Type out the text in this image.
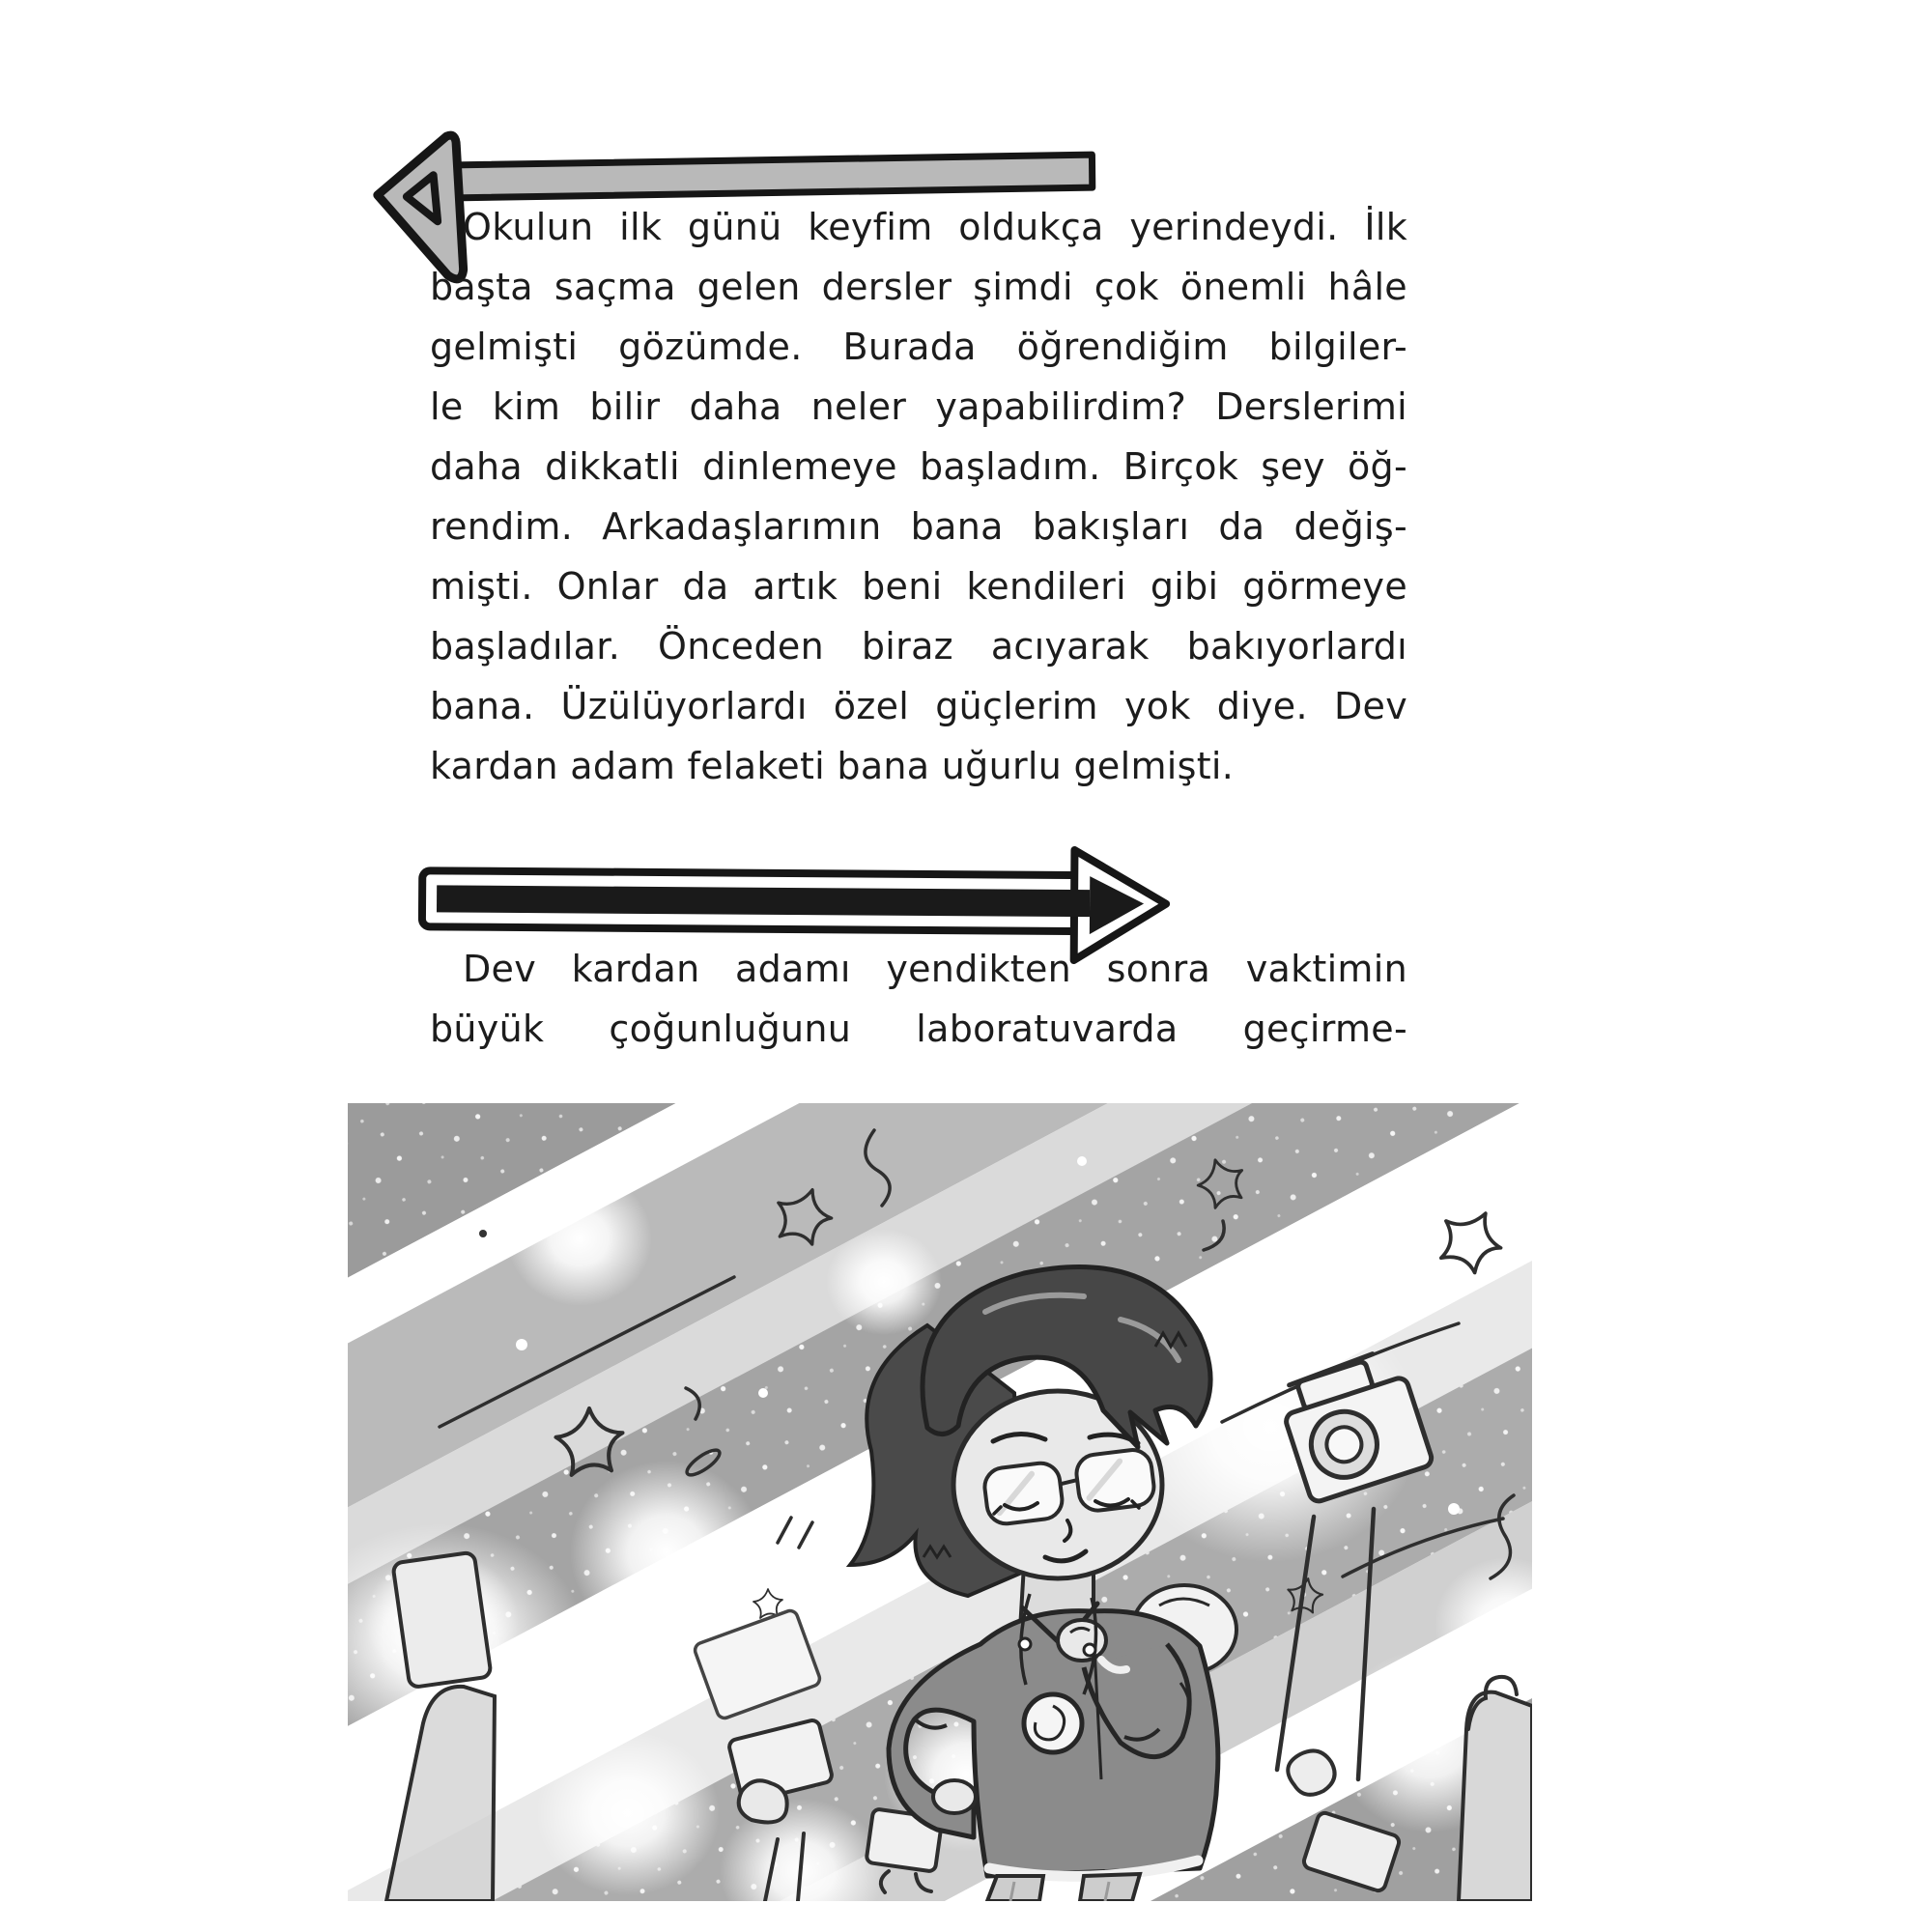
Okulun ilk günü keyfim oldukça yerindeydi. İlk
başta saçma gelen dersler şimdi çok önemli hâle
gelmişti gözümde. Burada öğrendiğim bilgiler-
le kim bilir daha neler yapabilirdim? Derslerimi
daha dikkatli dinlemeye başladım. Birçok şey öğ-
rendim. Arkadaşlarımın bana bakışları da değiş-
mişti. Onlar da artık beni kendileri gibi görmeye
başladılar. Önceden biraz acıyarak bakıyorlardı
bana. Üzülüyorlardı özel güçlerim yok diye. Dev
kardan adam felaketi bana uğurlu gelmişti.
Dev kardan adamı yendikten sonra vaktimin
büyük çoğunluğunu laboratuvarda geçirme-
